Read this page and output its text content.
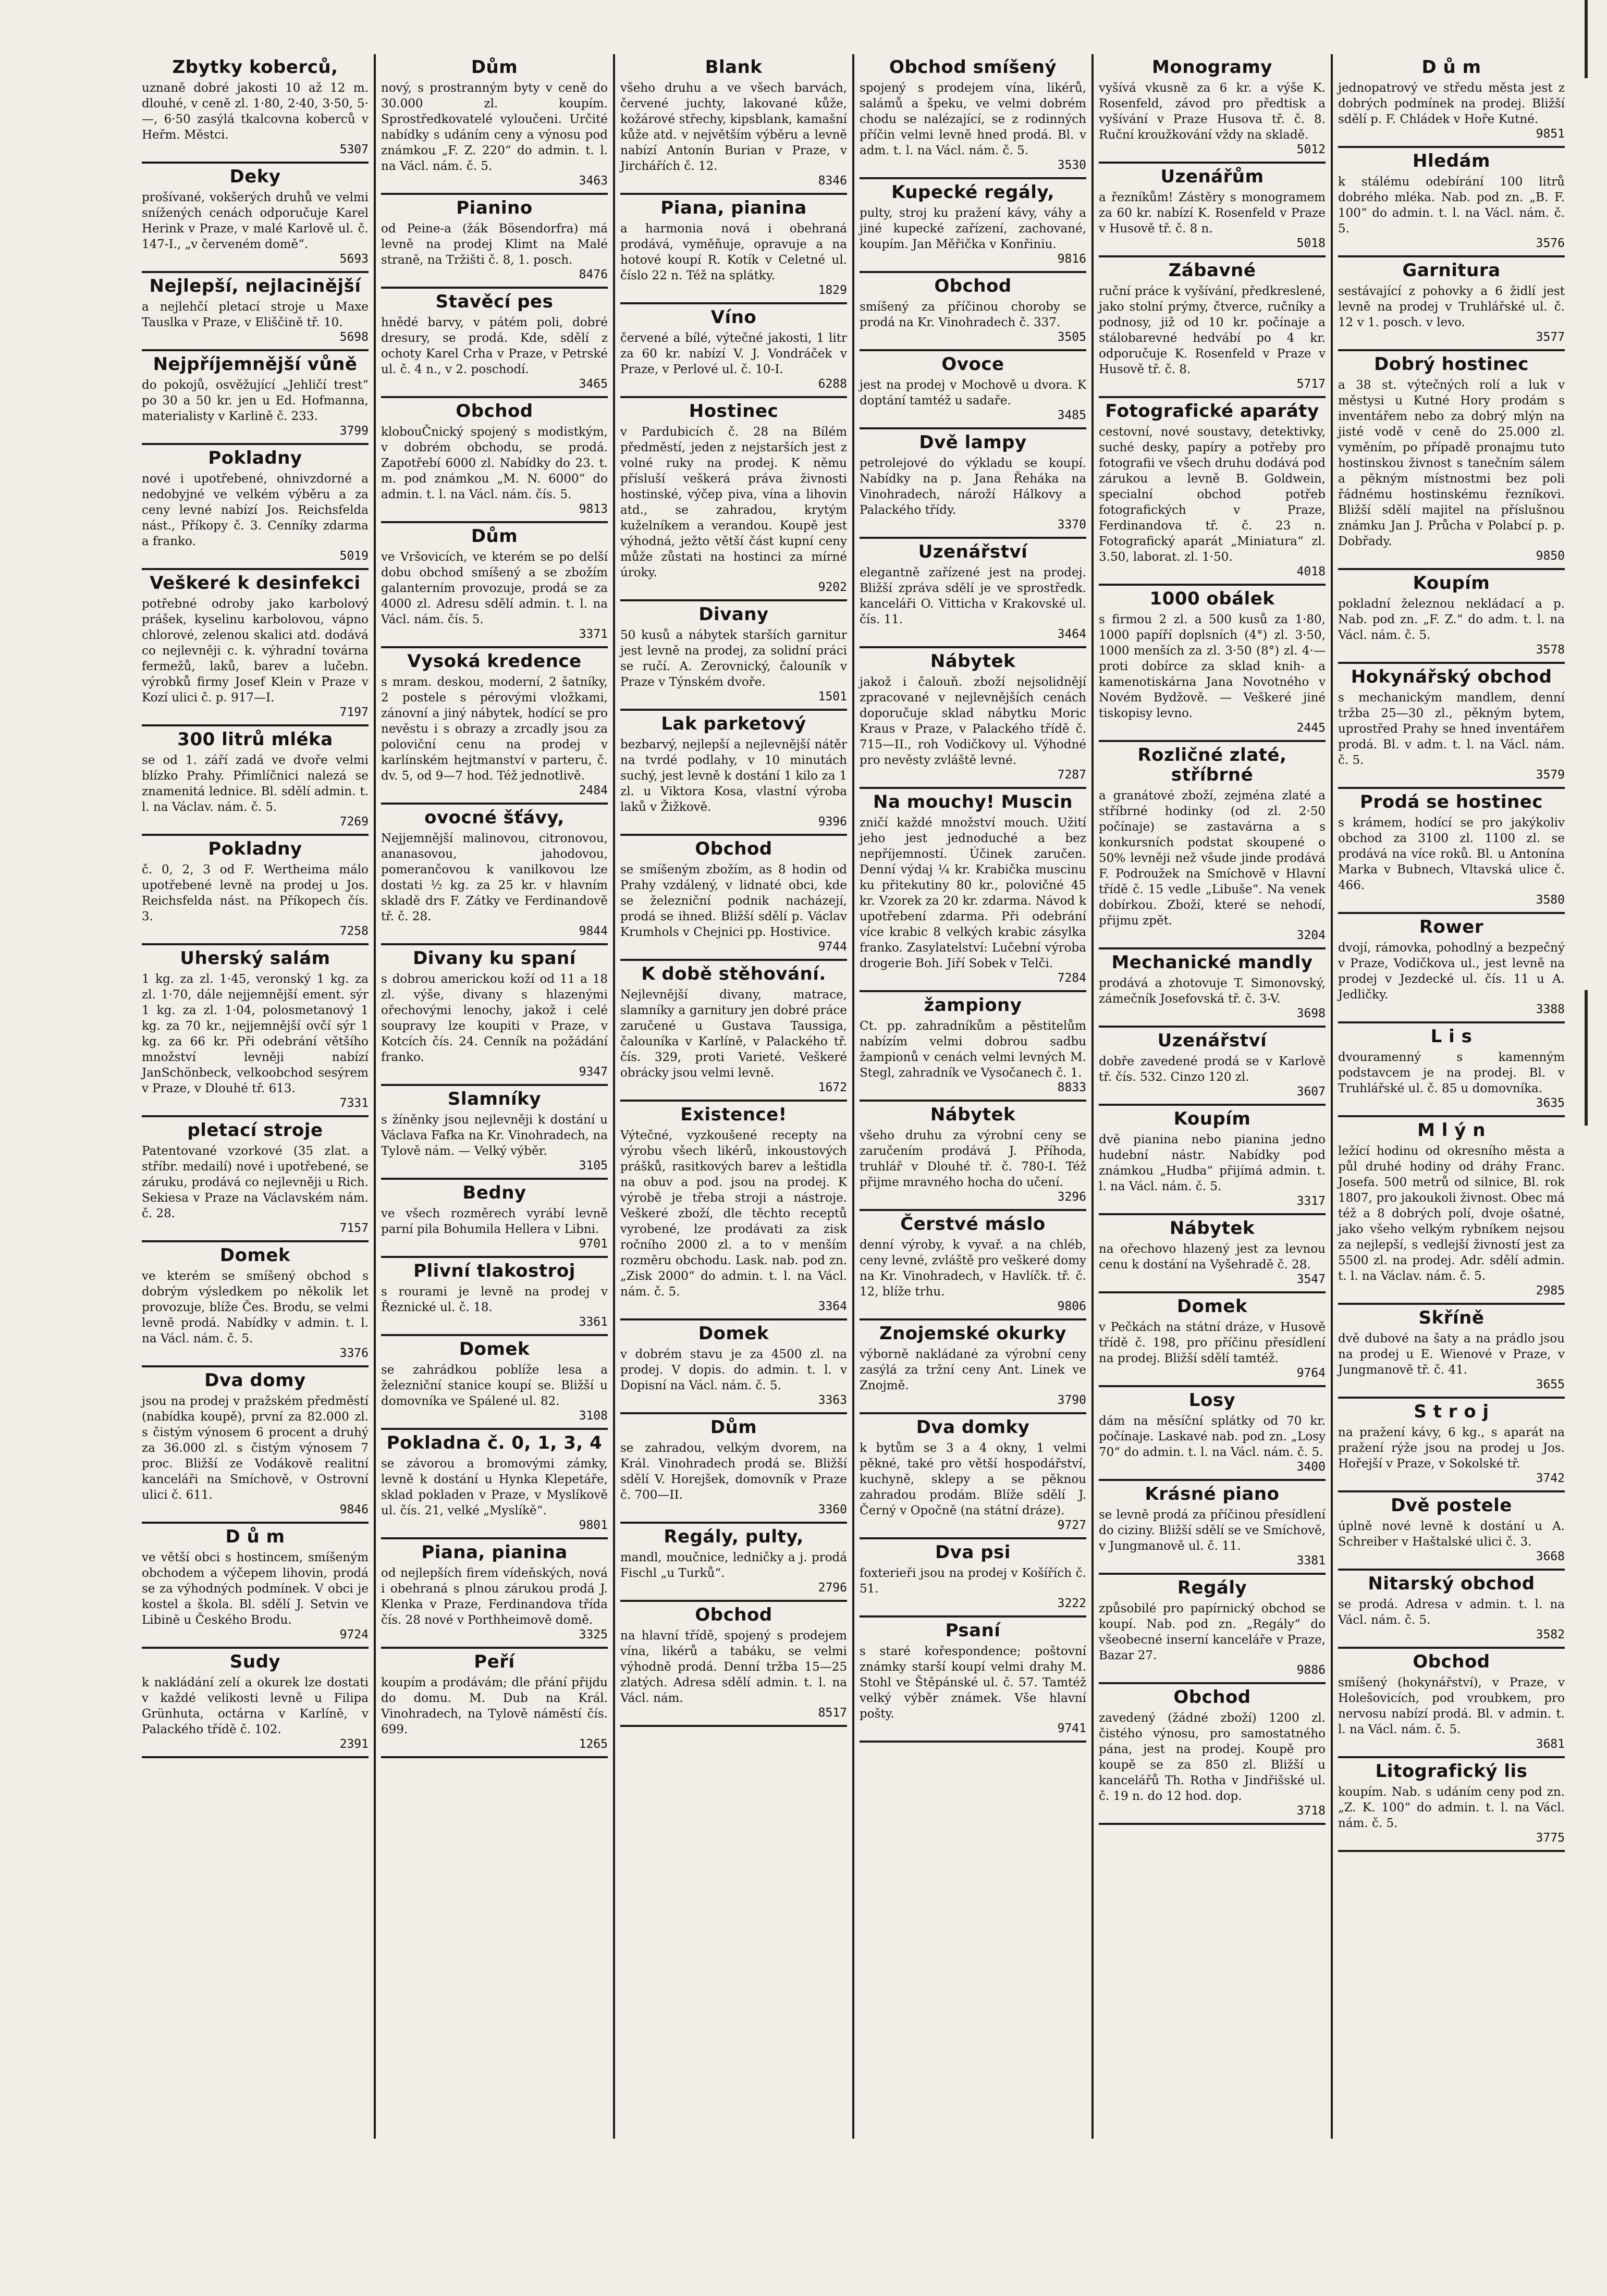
Zbytky koberců,

uznaně dobré jakosti 10 až 12 m. dlouhé, v ceně zl. 1·80, 2·40, 3·50, 5·—, 6·50 zasýlá tkalcovna koberců v Heřm. Městci.

5307
Deky

prošívané, vokšerých druhů ve velmi snížených cenách odporučuje Karel Herink v Praze, v malé Karlově ul. č. 147-I., „v červeném domě“.

5693
Nejlepší, nejlacinější

a nejlehčí pletací stroje u Maxe Tauslka v Praze, v Eliščině tř. 10.

5698
Nejpříjemnější vůně

do pokojů, osvěžující „Jehličí trest“ po 30 a 50 kr. jen u Ed. Hofmanna, materialisty v Karlině č. 233.

3799
Pokladny

nové i upotřebené, ohnivzdorné a nedobyjné ve velkém výběru a za ceny levné nabízí Jos. Reichsfelda nást., Příkopy č. 3. Cenníky zdarma a franko.

5019
Veškeré k desinfekci

potřebné odroby jako karbolový prášek, kyselinu karbolovou, vápno chlorové, zelenou skalici atd. dodává co nejlevněji c. k. výhradní továrna fermežů, laků, barev a lučebn. výrobků firmy Josef Klein v Praze v Kozí ulici č. p. 917—I.

7197
300 litrů mléka

se od 1. září zadá ve dvoře velmi blízko Prahy. Přimlíčnici nalezá se znamenitá lednice. Bl. sdělí admin. t. l. na Václav. nám. č. 5.

7269
Pokladny

č. 0, 2, 3 od F. Wertheima málo upotřebené levně na prodej u Jos. Reichsfelda nást. na Příkopech čís. 3.

7258
Uherský salám

1 kg. za zl. 1·45, veronský 1 kg. za zl. 1·70, dále nejjemnější ement. sýr 1 kg. za zl. 1·04, polosmetanový 1 kg. za 70 kr., nejjemnější ovčí sýr 1 kg. za 66 kr. Při odebrání většího množství levněji nabízí JanSchönbeck, velkoobchod sesýrem v Praze, v Dlouhé tř. 613.

7331
pletací stroje

Patentované vzorkové (35 zlat. a stříbr. medailí) nové i upotřebené, se záruku, prodává co nejlevněji u Rich. Sekiesa v Praze na Václavském nám. č. 28.

7157
Domek

ve kterém se smíšený obchod s dobrým výsledkem po několik let provozuje, blíže Čes. Brodu, se velmi levně prodá. Nabídky v admin. t. l. na Václ. nám. č. 5.

3376
Dva domy

jsou na prodej v pražském předměstí (nabídka koupě), první za 82.000 zl. s čistým výnosem 6 procent a druhý za 36.000 zl. s čistým výnosem 7 proc. Bližší ze Vodákově realitní kanceláři na Smíchově, v Ostrovní ulici č. 611.

9846
D ů m

ve větší obci s hostincem, smíšeným obchodem a výčepem lihovin, prodá se za výhodných podmínek. V obci je kostel a škola. Bl. sdělí J. Setvin ve Libině u Českého Brodu.

9724
Sudy

k nakládání zelí a okurek lze dostati v každé velikosti levně u Filipa Grünhuta, octárna v Karlíně, v Palackého třídě č. 102.

2391
Dům

nový, s prostranným byty v ceně do 30.000 zl. koupím. Sprostředkovatelé vyloučeni. Určité nabídky s udáním ceny a výnosu pod známkou „F. Z. 220“ do admin. t. l. na Václ. nám. č. 5.

3463
Pianino

od Peine-a (žák Bösendorfra) má levně na prodej Klimt na Malé straně, na Tržišti č. 8, 1. posch.

8476
Stavěcí pes

hnědé barvy, v pátém poli, dobré dresury, se prodá. Kde, sdělí z ochoty Karel Crha v Praze, v Petrské ul. č. 4 n., v 2. poschodí.

3465
Obchod

klobouČnický spojený s modistkým, v dobrém obchodu, se prodá. Zapotřebí 6000 zl. Nabídky do 23. t. m. pod známkou „M. N. 6000“ do admin. t. l. na Václ. nám. čís. 5.

9813
Dům

ve Vršovicích, ve kterém se po delší dobu obchod smíšený a se zbožím galanterním provozuje, prodá se za 4000 zl. Adresu sdělí admin. t. l. na Václ. nám. čís. 5.

3371
Vysoká kredence

s mram. deskou, moderní, 2 šatníky, 2 postele s pérovými vložkami, zánovní a jiný nábytek, hodící se pro nevěstu i s obrazy a zrcadly jsou za poloviční cenu na prodej v karlínském hejtmanství v parteru, č. dv. 5, od 9—7 hod. Též jednotlivě.

2484
ovocné šťávy,

Nejjemnější malinovou, citronovou, ananasovou, jahodovou, pomerančovou k vanilkovou lze dostati ½ kg. za 25 kr. v hlavním skladě drs F. Zátky ve Ferdinandově tř. č. 28.

9844
Divany ku spaní

s dobrou americkou koží od 11 a 18 zl. výše, divany s hlazenými ořechovými lenochy, jakož i celé soupravy lze koupiti v Praze, v Kotcích čís. 24. Cenník na požádání franko.

9347
Slamníky

s žíněnky jsou nejlevněji k dostání u Václava Fafka na Kr. Vinohradech, na Tylově nám. — Velký výběr.

3105
Bedny

ve všech rozměrech vyrábí levně parní pila Bohumila Hellera v Libni.

9701
Plivní tlakostroj

s rourami je levně na prodej v Řeznické ul. č. 18.

3361
Domek

se zahrádkou poblíže lesa a železniční stanice koupí se. Bližší u domovníka ve Spálené ul. 82.

3108
Pokladna č. 0, 1, 3, 4

se závorou a bromovými zámky, levně k dostání u Hynka Klepetáře, sklad pokladen v Praze, v Myslíkově ul. čís. 21, velké „Myslíkě“.

9801
Piana, pianina

od nejlepších firem vídeňských, nová i obehraná s plnou zárukou prodá J. Klenka v Praze, Ferdinandova třída čís. 28 nové v Porthheimově domě.

3325
Peří

koupím a prodávám; dle přání přijdu do domu. M. Dub na Král. Vinohradech, na Tylově náměstí čís. 699.

1265
Blank

všeho druhu a ve všech barvách, červené juchty, lakované kůže, kožárové střechy, kipsblank, kamašní kůže atd. v největším výběru a levně nabízí Antonín Burian v Praze, v Jirchářích č. 12.

8346
Piana, pianina

a harmonia nová i obehraná prodává, vyměňuje, opravuje a na hotové koupí R. Kotík v Celetné ul. číslo 22 n. Též na splátky.

1829
Víno

červené a bílé, výtečné jakosti, 1 litr za 60 kr. nabízí V. J. Vondráček v Praze, v Perlové ul. č. 10-I.

6288
Hostinec

v Pardubicích č. 28 na Bílém předměstí, jeden z nejstarších jest z volné ruky na prodej. K němu přísluší veškerá práva živnosti hostinské, výčep piva, vína a lihovin atd., se zahradou, krytým kuželníkem a verandou. Koupě jest výhodná, ježto větší část kupní ceny může zůstati na hostinci za mírné úroky.

9202
Divany

50 kusů a nábytek starších garnitur jest levně na prodej, za solidní práci se ručí. A. Zerovnický, čalouník v Praze v Týnském dvoře.

1501
Lak parketový

bezbarvý, nejlepší a nejlevnější nátěr na tvrdé podlahy, v 10 minutách suchý, jest levně k dostání 1 kilo za 1 zl. u Viktora Kosa, vlastní výroba laků v Žižkově.

9396
Obchod

se smíšeným zbožím, as 8 hodin od Prahy vzdálený, v lidnaté obci, kde se železniční podnik nacházejí, prodá se ihned. Bližší sdělí p. Václav Krumhols v Chejnici pp. Hostivice.

9744
K době stěhování.

Nejlevnější divany, matrace, slamníky a garnitury jen dobré práce zaručené u Gustava Taussiga, čalouníka v Karlíně, v Palackého tř. čís. 329, proti Varieté. Veškeré obrácky jsou velmi levně.

1672
Existence!

Výtečné, vyzkoušené recepty na výrobu všech likérů, inkoustových prášků, rasitkových barev a leštidla na obuv a pod. jsou na prodej. K výrobě je třeba stroji a nástroje. Veškeré zboží, dle těchto receptů vyrobené, lze prodávati za zisk ročního 2000 zl. a to v menším rozměru obchodu. Lask. nab. pod zn. „Zisk 2000“ do admin. t. l. na Václ. nám. č. 5.

3364
Domek

v dobrém stavu je za 4500 zl. na prodej. V dopis. do admin. t. l. v Dopisní na Václ. nám. č. 5.

3363
Dům

se zahradou, velkým dvorem, na Král. Vinohradech prodá se. Bližší sdělí V. Horejšek, domovník v Praze č. 700—II.

3360
Regály, pulty,

mandl, moučnice, ledničky a j. prodá Fischl „u Turků“.

2796
Obchod

na hlavní třídě, spojený s prodejem vína, likérů a tabáku, se velmi výhodně prodá. Denní tržba 15—25 zlatých. Adresa sdělí admin. t. l. na Václ. nám.

8517
Obchod smíšený

spojený s prodejem vína, likérů, salámů a špeku, ve velmi dobrém chodu se nalézající, se z rodinných příčin velmi levně hned prodá. Bl. v adm. t. l. na Václ. nám. č. 5.

3530
Kupecké regály,

pulty, stroj ku pražení kávy, váhy a jiné kupecké zařízení, zachované, koupím. Jan Měřička v Konřiniu.

9816
Obchod

smíšený za příčinou choroby se prodá na Kr. Vinohradech č. 337.

3505
Ovoce

jest na prodej v Mochově u dvora. K doptání tamtéž u sadaře.

3485
Dvě lampy

petrolejové do výkladu se koupí. Nabídky na p. Jana Řeháka na Vinohradech, nároží Hálkovy a Palackého třídy.

3370
Uzenářství

elegantně zařízené jest na prodej. Bližší zpráva sdělí je ve sprostředk. kanceláři O. Vitticha v Krakovské ul. čís. 11.

3464
Nábytek

jakož i čalouň. zboží nejsolidnějí zpracované v nejlevnějších cenách doporučuje sklad nábytku Moric Kraus v Praze, v Palackého třídě č. 715—II., roh Vodičkovy ul. Výhodné pro nevěsty zvláště levné.

7287
Na mouchy! Muscin

zničí každé množství mouch. Užití jeho jest jednoduché a bez nepříjemností. Účinek zaručen. Denní výdaj ¼ kr. Krabička muscinu ku přitekutiny 80 kr., polovičné 45 kr. Vzorek za 20 kr. zdarma. Návod k upotřebení zdarma. Při odebrání více krabic 8 velkých krabic zásylka franko. Zasylatelství: Lučební výroba drogerie Boh. Jiří Sobek v Telči.

7284
žampiony

Ct. pp. zahradníkům a pěstitelům nabízím velmi dobrou sadbu žampionů v cenách velmi levných M. Stegl, zahradník ve Vysočanech č. 1.

8833
Nábytek

všeho druhu za výrobní ceny se zaručením prodává J. Příhoda, truhlář v Dlouhé tř. č. 780-I. Též přijme mravného hocha do učení.

3296
Čerstvé máslo

denní výroby, k vyvař. a na chléb, ceny levné, zvláště pro veškeré domy na Kr. Vinohradech, v Havlíčk. tř. č. 12, blíže trhu.

9806
Znojemské okurky

výborně nakládané za výrobní ceny zasýlá za tržní ceny Ant. Linek ve Znojmě.

3790
Dva domky

k bytům se 3 a 4 okny, 1 velmi pěkné, také pro větší hospodářství, kuchyně, sklepy a se pěknou zahradou prodám. Blíže sdělí J. Černý v Opočně (na státní dráze).

9727
Dva psi

foxterieři jsou na prodej v Košířích č. 51.

3222
Psaní

s staré kořespondence; poštovní známky starší koupí velmi drahy M. Stohl ve Štěpánské ul. č. 57. Tamtéž velký výběr známek. Vše hlavní pošty.

9741
Monogramy

vyšívá vkusně za 6 kr. a výše K. Rosenfeld, závod pro předtisk a vyšívání v Praze Husova tř. č. 8. Ruční kroužkování vždy na skladě.

5012
Uzenářům

a řezníkům! Zástěry s monogramem za 60 kr. nabízí K. Rosenfeld v Praze v Husově tř. č. 8 n.

5018
Zábavné

ruční práce k vyšívání, předkreslené, jako stolní prýmy, čtverce, ručníky a podnosy, již od 10 kr. počínaje a stálobarevné hedvábí po 4 kr. odporučuje K. Rosenfeld v Praze v Husově tř. č. 8.

5717
Fotografické aparáty

cestovní, nové soustavy, detektivky, suché desky, papíry a potřeby pro fotografii ve všech druhu dodává pod zárukou a levně B. Goldwein, specialní obchod potřeb fotografických v Praze, Ferdinandova tř. č. 23 n. Fotografický aparát „Miniatura“ zl. 3.50, laborat. zl. 1·50.

4018
1000 obálek

s firmou 2 zl. a 500 kusů za 1·80, 1000 papíří doplsních (4°) zl. 3·50, 1000 menších za zl. 3·50 (8°) zl. 4·— proti dobírce za sklad knih- a kamenotiskárna Jana Novotného v Novém Bydžově. — Veškeré jiné tiskopisy levno.

2445
Rozličné zlaté, stříbrné

a granátové zboží, zejména zlaté a stříbrné hodinky (od zl. 2·50 počínaje) se zastavárna a s konkursních podstat skoupené o 50% levněji než všude jinde prodává F. Podroužek na Smíchově v Hlavní třídě č. 15 vedle „Libuše“. Na venek dobírkou. Zboží, které se nehodí, přijmu zpět.

3204
Mechanické mandly

prodává a zhotovuje T. Simonovský, zámečník Josefovská tř. č. 3-V.

3698
Uzenářství

dobře zavedené prodá se v Karlově tř. čís. 532. Cinzo 120 zl.

3607
Koupím

dvě pianina nebo pianina jedno hudební nástr. Nabídky pod známkou „Hudba“ přijímá admin. t. l. na Václ. nám. č. 5.

3317
Nábytek

na ořechovo hlazený jest za levnou cenu k dostání na Vyšehradě č. 28.

3547
Domek

v Pečkách na státní dráze, v Husově třídě č. 198, pro příčinu přesídlení na prodej. Bližší sdělí tamtéž.

9764
Losy

dám na měsíční splátky od 70 kr. počínaje. Laskavé nab. pod zn. „Losy 70“ do admin. t. l. na Václ. nám. č. 5.

3400
Krásné piano

se levně prodá za příčinou přesídlení do ciziny. Bližší sdělí se ve Smíchově, v Jungmanově ul. č. 11.

3381
Regály

způsobilé pro papírnický obchod se koupí. Nab. pod zn. „Regály“ do všeobecné inserní kanceláře v Praze, Bazar 27.

9886
Obchod

zavedený (žádné zboží) 1200 zl. čistého výnosu, pro samostatného pána, jest na prodej. Koupě pro koupě se za 850 zl. Bližší u kancelářů Th. Rotha v Jindřišské ul. č. 19 n. do 12 hod. dop.

3718
D ů m

jednopatrový ve středu města jest z dobrých podmínek na prodej. Bližší sdělí p. F. Chládek v Hoře Kutné.

9851
Hledám

k stálému odebírání 100 litrů dobrého mléka. Nab. pod zn. „B. F. 100“ do admin. t. l. na Václ. nám. č. 5.

3576
Garnitura

sestávající z pohovky a 6 židlí jest levně na prodej v Truhlářské ul. č. 12 v 1. posch. v levo.

3577
Dobrý hostinec

a 38 st. výtečných rolí a luk v městysi u Kutné Hory prodám s inventářem nebo za dobrý mlýn na jisté vodě v ceně do 25.000 zl. vyměním, po případě pronajmu tuto hostinskou živnost s tanečním sálem a pěkným místnostmi bez poli řádnému hostinskému řezníkovi. Bližší sdělí majitel na příslušnou známku Jan J. Průcha v Polabcí p. p. Dobřady.

9850
Koupím

pokladní železnou nekládací a p. Nab. pod zn. „F. Z.“ do adm. t. l. na Václ. nám. č. 5.

3578
Hokynářský obchod

s mechanickým mandlem, denní tržba 25—30 zl., pěkným bytem, uprostřed Prahy se hned inventářem prodá. Bl. v adm. t. l. na Václ. nám. č. 5.

3579
Prodá se hostinec

s krámem, hodící se pro jakýkoliv obchod za 3100 zl. 1100 zl. se prodává na více roků. Bl. u Antonína Marka v Bubnech, Vltavská ulice č. 466.

3580
Rower

dvojí, rámovka, pohodlný a bezpečný v Praze, Vodičkova ul., jest levně na prodej v Jezdecké ul. čís. 11 u A. Jedličky.

3388
L i s

dvouramenný s kamenným podstavcem je na prodej. Bl. v Truhlářské ul. č. 85 u domovníka.

3635
M l ý n

ležící hodinu od okresního města a půl druhé hodiny od dráhy Franc. Josefa. 500 metrů od silnice, Bl. rok 1807, pro jakoukoli živnost. Obec má též a 8 dobrých polí, dvoje ošatné, jako všeho velkým rybníkem nejsou za nejlepší, s vedlejší živností jest za 5500 zl. na prodej. Adr. sdělí admin. t. l. na Václav. nám. č. 5.

2985
Skříně

dvě dubové na šaty a na prádlo jsou na prodej u E. Wienové v Praze, v Jungmanově tř. č. 41.

3655
S t r o j

na pražení kávy, 6 kg., s aparát na pražení rýže jsou na prodej u Jos. Hořejší v Praze, v Sokolské tř.

3742
Dvě postele

úplně nové levně k dostání u A. Schreiber v Haštalské ulici č. 3.

3668
Nitarský obchod

se prodá. Adresa v admin. t. l. na Václ. nám. č. 5.

3582
Obchod

smíšený (hokynářství), v Praze, v Holešovicích, pod vroubkem, pro nervosu nabízí prodá. Bl. v admin. t. l. na Václ. nám. č. 5.

3681
Litografický lis

koupím. Nab. s udáním ceny pod zn. „Z. K. 100“ do admin. t. l. na Václ. nám. č. 5.

3775
